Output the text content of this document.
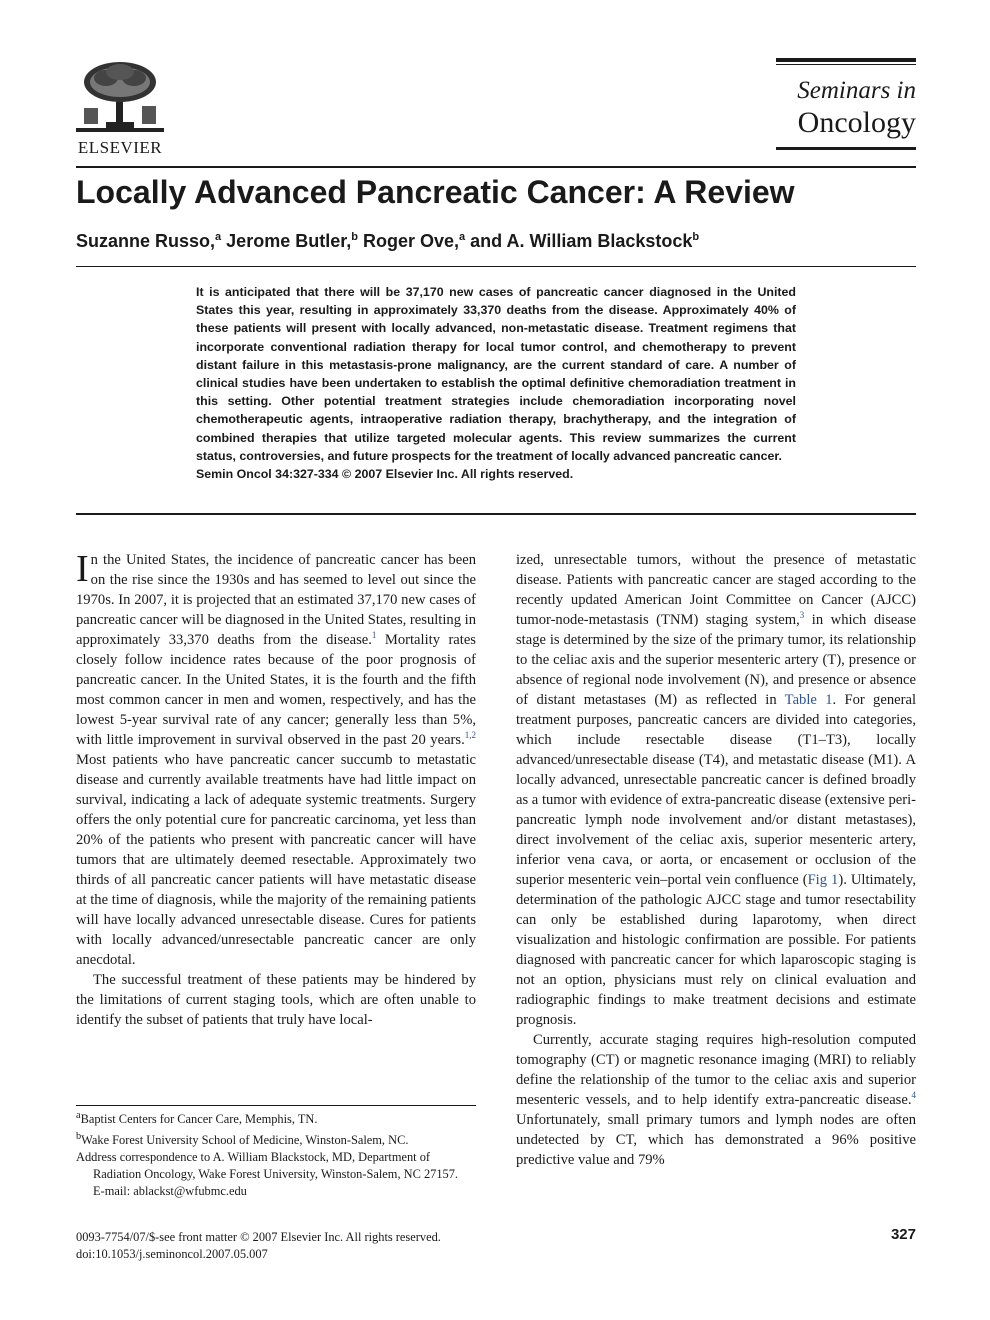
ELSEVIER
Seminars in
Oncology
Locally Advanced Pancreatic Cancer: A Review

Suzanne Russo,$^a$ Jerome Butler,$^b$ Roger Ove,$^a$ and A. William Blackstock$^b$

It is anticipated that there will be 37,170 new cases of pancreatic cancer diagnosed in the United States this year, resulting in approximately 33,370 deaths from the disease. Approximately 40% of these patients will present with locally advanced, non-metastatic disease. Treatment regimens that incorporate conventional radiation therapy for local tumor control, and chemotherapy to prevent distant failure in this metastasis-prone malignancy, are the current standard of care. A number of clinical studies have been undertaken to establish the optimal definitive chemoradiation treatment in this setting. Other potential treatment strategies include chemoradiation incorporating novel chemotherapeutic agents, intraoperative radiation therapy, brachytherapy, and the integration of combined therapies that utilize targeted molecular agents. This review summarizes the current status, controversies, and future prospects for the treatment of locally advanced pancreatic cancer.
Semin Oncol 34:327-334 © 2007 Elsevier Inc. All rights reserved.

In the United States, the incidence of pancreatic cancer has been on the rise since the 1930s and has seemed to level out since the 1970s. In 2007, it is projected that an estimated 37,170 new cases of pancreatic cancer will be diagnosed in the United States, resulting in approximately 33,370 deaths from the disease.$^1$ Mortality rates closely follow incidence rates because of the poor prognosis of pancreatic cancer. In the United States, it is the fourth and the fifth most common cancer in men and women, respectively, and has the lowest 5-year survival rate of any cancer; generally less than 5%, with little improvement in survival observed in the past 20 years.$^{1,2}$ Most patients who have pancreatic cancer succumb to metastatic disease and currently available treatments have had little impact on survival, indicating a lack of adequate systemic treatments. Surgery offers the only potential cure for pancreatic carcinoma, yet less than 20% of the patients who present with pancreatic cancer will have tumors that are ultimately deemed resectable. Approximately two thirds of all pancreatic cancer patients will have metastatic disease at the time of diagnosis, while the majority of the remaining patients will have locally advanced unresectable disease. Cures for patients with locally advanced/unresectable pancreatic cancer are only anecdotal.

The successful treatment of these patients may be hindered by the limitations of current staging tools, which are often unable to identify the subset of patients that truly have local-

ized, unresectable tumors, without the presence of metastatic disease. Patients with pancreatic cancer are staged according to the recently updated American Joint Committee on Cancer (AJCC) tumor-node-metastasis (TNM) staging system,$^3$ in which disease stage is determined by the size of the primary tumor, its relationship to the celiac axis and the superior mesenteric artery (T), presence or absence of regional node involvement (N), and presence or absence of distant metastases (M) as reflected in Table 1. For general treatment purposes, pancreatic cancers are divided into categories, which include resectable disease (T1–T3), locally advanced/unresectable disease (T4), and metastatic disease (M1). A locally advanced, unresectable pancreatic cancer is defined broadly as a tumor with evidence of extra-pancreatic disease (extensive peri-pancreatic lymph node involvement and/or distant metastases), direct involvement of the celiac axis, superior mesenteric artery, inferior vena cava, or aorta, or encasement or occlusion of the superior mesenteric vein–portal vein confluence (Fig 1). Ultimately, determination of the pathologic AJCC stage and tumor resectability can only be established during laparotomy, when direct visualization and histologic confirmation are possible. For patients diagnosed with pancreatic cancer for which laparoscopic staging is not an option, physicians must rely on clinical evaluation and radiographic findings to make treatment decisions and estimate prognosis.

Currently, accurate staging requires high-resolution computed tomography (CT) or magnetic resonance imaging (MRI) to reliably define the relationship of the tumor to the celiac axis and superior mesenteric vessels, and to help identify extra-pancreatic disease.$^4$ Unfortunately, small primary tumors and lymph nodes are often undetected by CT, which has demonstrated a 96% positive predictive value and 79%

$^a$Baptist Centers for Cancer Care, Memphis, TN.

$^b$Wake Forest University School of Medicine, Winston-Salem, NC.

Address correspondence to A. William Blackstock, MD, Department of Radiation Oncology, Wake Forest University, Winston-Salem, NC 27157.

E-mail: ablackst@wfubmc.edu

0093-7754/07/$-see front matter © 2007 Elsevier Inc. All rights reserved.

doi:10.1053/j.seminoncol.2007.05.007

327
